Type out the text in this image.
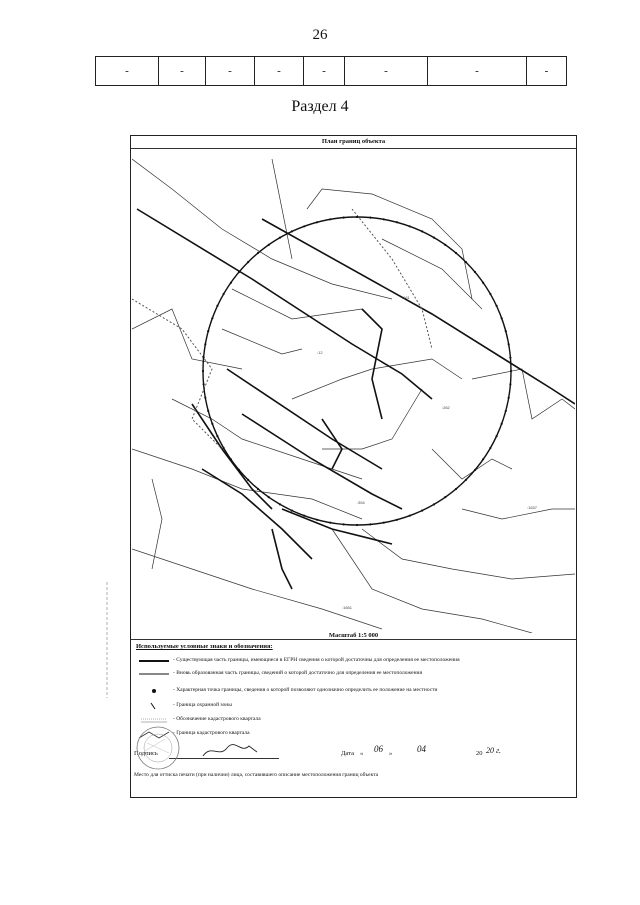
26
-	-	-	-	-	-	-	-
Раздел 4
План границ объекта
:161
:12
:354
:262
:1637
:1651
Масштаб 1:5 000
Используемые условные знаки и обозначения:
- Существующая часть границы, имеющиеся в ЕГРН сведения о которой достаточны для определения ее местоположения
- Вновь образованная часть границы, сведений о которой достаточно для определения ее местоположения
- Характерная точка границы, сведения о которой позволяют однозначно определить ее положение на местности
- Граница охранной зоны
- Обозначение кадастрового квартала
- Граница кадастрового квартала
Подпись	Дата « 06 »	04	20 20 г.
Место для оттиска печати (при наличии) лица, составившего описание местоположения границ объекта
